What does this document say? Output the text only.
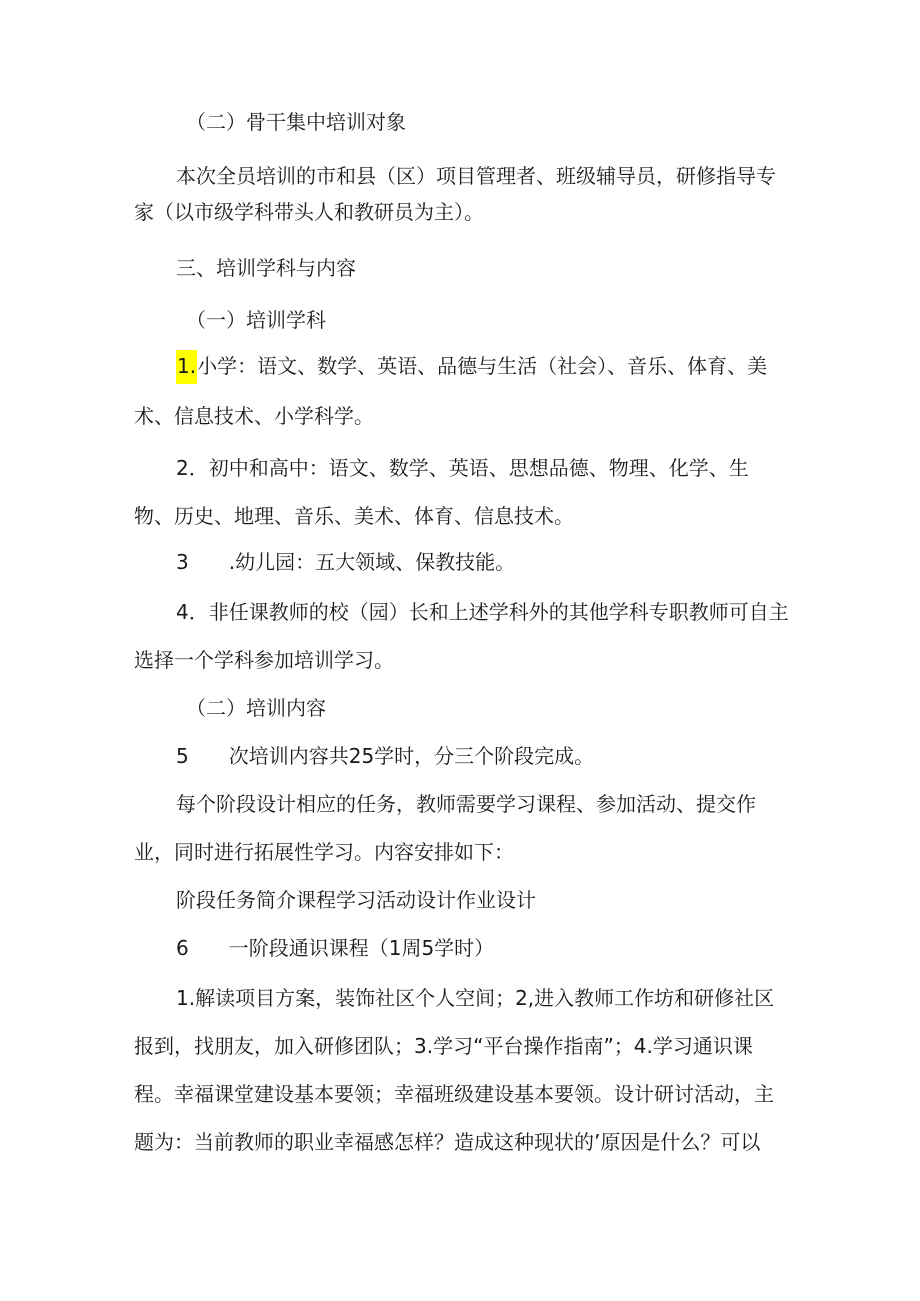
（二）骨干集中培训对象
本次全员培训的市和县（区）项目管理者、班级辅导员，研修指导专
家（以市级学科带头人和教研员为主）。
三、培训学科与内容
（一）培训学科
1.小学：语文、数学、英语、品德与生活（社会）、音乐、体育、美
术、信息技术、小学科学。
2．初中和高中：语文、数学、英语、思想品德、物理、化学、生
物、历史、地理、音乐、美术、体育、信息技术。
3 .幼儿园：五大领域、保教技能。
4．非任课教师的校（园）长和上述学科外的其他学科专职教师可自主
选择一个学科参加培训学习。
（二）培训内容
5 次培训内容共25学时，分三个阶段完成。
每个阶段设计相应的任务，教师需要学习课程、参加活动、提交作
业，同时进行拓展性学习。内容安排如下：
阶段任务简介课程学习活动设计作业设计
6 一阶段通识课程（1周5学时）
1.解读项目方案，装饰社区个人空间；2,进入教师工作坊和研修社区
报到，找朋友，加入研修团队；3.学习“平台操作指南”；4.学习通识课
程。幸福课堂建设基本要领；幸福班级建设基本要领。设计研讨活动，主
题为：当前教师的职业幸福感怎样？造成这种现状的’原因是什么？可以
